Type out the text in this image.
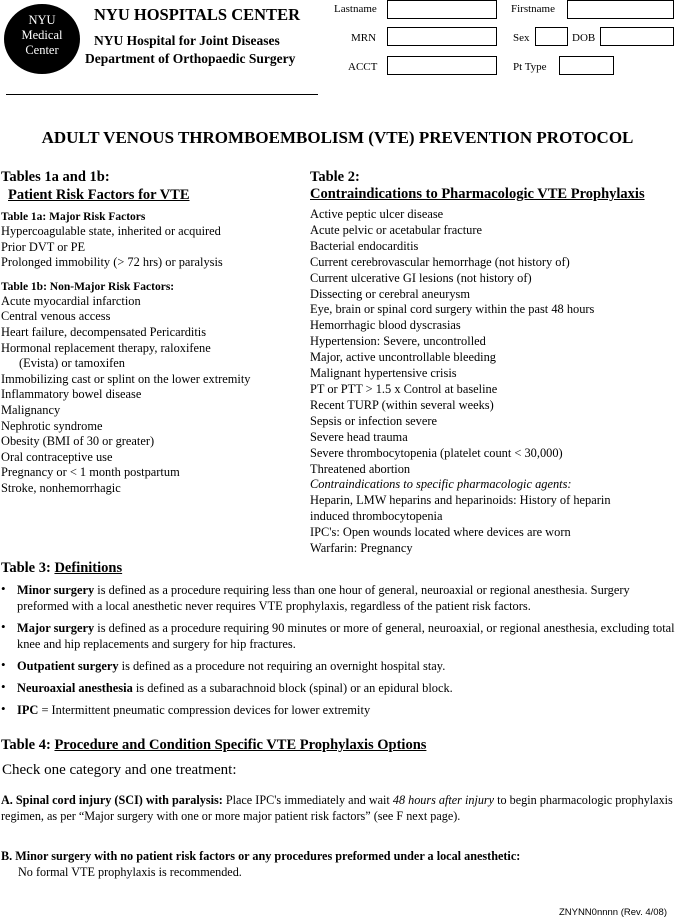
NYU
Medical
Center
NYU HOSPITALS CENTER
NYU Hospital for Joint Diseases
Department of Orthopaedic Surgery
Lastname	Firstname
MRN	Sex	DOB
ACCT	Pt Type
ADULT VENOUS THROMBOEMBOLISM (VTE) PREVENTION PROTOCOL
Tables 1a and 1b:
Patient Risk Factors for VTE
Table 1a: Major Risk Factors
Hypercoagulable state, inherited or acquired
Prior DVT or PE
Prolonged immobility (> 72 hrs) or paralysis
Table 1b: Non-Major Risk Factors:
Acute myocardial infarction
Central venous access
Heart failure, decompensated Pericarditis
Hormonal replacement therapy, raloxifene
(Evista) or tamoxifen
Immobilizing cast or splint on the lower extremity
Inflammatory bowel disease
Malignancy
Nephrotic syndrome
Obesity (BMI of 30 or greater)
Oral contraceptive use
Pregnancy or < 1 month postpartum
Stroke, nonhemorrhagic
Table 2:
Contraindications to Pharmacologic VTE Prophylaxis
Active peptic ulcer disease
Acute pelvic or acetabular fracture
Bacterial endocarditis
Current cerebrovascular hemorrhage (not history of)
Current ulcerative GI lesions (not history of)
Dissecting or cerebral aneurysm
Eye, brain or spinal cord surgery within the past 48 hours
Hemorrhagic blood dyscrasias
Hypertension: Severe, uncontrolled
Major, active uncontrollable bleeding
Malignant hypertensive crisis
PT or PTT > 1.5 x Control at baseline
Recent TURP (within several weeks)
Sepsis or infection severe
Severe head trauma
Severe thrombocytopenia (platelet count < 30,000)
Threatened abortion
Contraindications to specific pharmacologic agents:
Heparin, LMW heparins and heparinoids: History of heparin
induced thrombocytopenia
IPC's: Open wounds located where devices are worn
Warfarin: Pregnancy
Table 3: Definitions
• Minor surgery is defined as a procedure requiring less than one hour of general, neuroaxial or regional anesthesia. Surgery preformed with a local anesthetic never requires VTE prophylaxis, regardless of the patient risk factors.
• Major surgery is defined as a procedure requiring 90 minutes or more of general, neuroaxial, or regional anesthesia, excluding total knee and hip replacements and surgery for hip fractures.
• Outpatient surgery is defined as a procedure not requiring an overnight hospital stay.
• Neuroaxial anesthesia is defined as a subarachnoid block (spinal) or an epidural block.
• IPC = Intermittent pneumatic compression devices for lower extremity
Table 4: Procedure and Condition Specific VTE Prophylaxis Options
Check one category and one treatment:
A. Spinal cord injury (SCI) with paralysis: Place IPC's immediately and wait 48 hours after injury to begin pharmacologic prophylaxis regimen, as per “Major surgery with one or more major patient risk factors” (see F next page).
B. Minor surgery with no patient risk factors or any procedures preformed under a local anesthetic:
No formal VTE prophylaxis is recommended.
ZNYNN0nnnn (Rev. 4/08)
